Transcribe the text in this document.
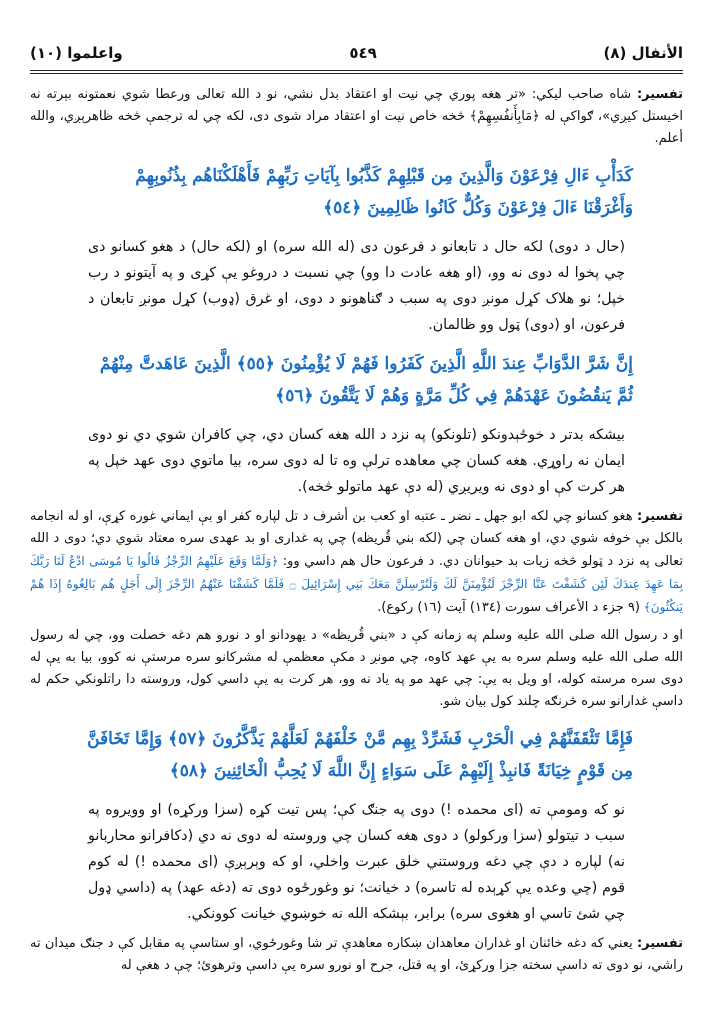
واعلموا (١٠)	٥٤٩	الأنفال (٨)

تفسیر: شاه صاحب لیکي: «تر هغه پوري چي نیت او اعتقاد بدل نشي، نو د الله تعالی ورعطا شوي نعمتونه بېرته نه اخیستل کیږي»، ګواکې له ﴿مَابِأَنفُسِهِمْ﴾ څخه خاص نیت او اعتقاد مراد شوی دی، لکه چي له ترجمې څخه ظاهرېږي، والله أعلم.

كَدَأْبِ ءَالِ فِرْعَوْنَ وَالَّذِينَ مِن قَبْلِهِمْ كَذَّبُوا بِآيَاتِ رَبِّهِمْ فَأَهْلَكْنَاهُم بِذُنُوبِهِمْ وَأَغْرَقْنَا ءَالَ فِرْعَوْنَ وَكُلٌّ كَانُوا ظَالِمِينَ ﴿٥٤﴾

(حال د دوی) لکه حال د تابعانو د فرعون دی (له الله سره) او (لکه حال) د هغو کسانو دی چي پخوا له دوی نه وو، (او هغه عادت دا وو) چي نسبت د دروغو یې کړی و په آیتونو د رب خپل؛ نو هلاک کړل مونږ دوی په سبب د ګناهونو د دوی، او غرق (ډوب) کړل مونږ تابعان د فرعون، او (دوی) ټول وو ظالمان.

إِنَّ شَرَّ الدَّوَابِّ عِندَ اللَّهِ الَّذِينَ كَفَرُوا فَهُمْ لَا يُؤْمِنُونَ ﴿٥٥﴾ الَّذِينَ عَاهَدتَّ مِنْهُمْ ثُمَّ يَنقُضُونَ عَهْدَهُمْ فِي كُلِّ مَرَّةٍ وَهُمْ لَا يَتَّقُونَ ﴿٥٦﴾

بیشکه بدتر د خوځېدونکو (تلونکو) په نزد د الله هغه کسان دي، چي کافران شوي دي نو دوی ایمان نه راوړي. هغه کسان چي معاهده ترلې وه تا له دوی سره، بیا ماتوي دوی عهد خپل په هر کرت کې او دوی نه ویریږي (له دې عهد ماتولو څخه).

تفسیر: هغو کسانو چي لکه ابو جهل ـ نضر ـ عتبه او کعب بن أشرف د تل لپاره کفر او بې ایماني غوره کړې، او له انجامه بالکل بې خوفه شوي دي، او هغه کسان چي (لکه بني قُریظه) چي په غداری او بد عهدی سره معتاد شوي دي؛ دوی د الله تعالی په نزد د ټولو څخه زیات بد حیوانان دي. د فرعون حال هم داسي وو: ﴿وَلَمَّا وَقَعَ عَلَيْهِمُ الرِّجْزُ قَالُوا يَا مُوسَى ادْعُ لَنَا رَبَّكَ بِمَا عَهِدَ عِندَكَ لَئِن كَشَفْتَ عَنَّا الرِّجْزَ لَنُؤْمِنَنَّ لَكَ وَلَنُرْسِلَنَّ مَعَكَ بَنِي إِسْرَائِيلَ ۝ فَلَمَّا كَشَفْنَا عَنْهُمُ الرِّجْزَ إِلَى أَجَلٍ هُم بَالِغُوهُ إِذَا هُمْ يَنكُثُونَ﴾ (٩ جزء د الأعراف سورت (١٣٤) آیت (١٦) رکوع).

او د رسول الله صلی الله علیه وسلم په زمانه کې د «بني قُریظه» د یهودانو او د نورو هم دغه خصلت وو، چي له رسول الله صلی الله علیه وسلم سره به یې عهد کاوه، چي مونږ د مکې معظمې له مشرکانو سره مرستې نه کوو، بیا به یې له دوی سره مرسته کوله، او ویل به یې: چي عهد مو په یاد نه وو، هر کرت به یې داسي کول، وروسته دا راتلونکي حکم له داسې غدارانو سره څرنګه چلند کول بیان شو.

فَإِمَّا تَثْقَفَنَّهُمْ فِي الْحَرْبِ فَشَرِّدْ بِهِم مَّنْ خَلْفَهُمْ لَعَلَّهُمْ يَذَّكَّرُونَ ﴿٥٧﴾ وَإِمَّا تَخَافَنَّ مِن قَوْمٍ خِيَانَةً فَانبِذْ إِلَيْهِمْ عَلَى سَوَاءٍ إِنَّ اللَّهَ لَا يُحِبُّ الْخَائِنِينَ ﴿٥٨﴾

نو که ومومې ته (ای محمده !) دوی په جنګ کې؛ پس تیت کړه (سزا ورکړه) او وویروه په سبب د تیتولو (سزا ورکولو) د دوی هغه کسان چي وروسته له دوی نه دي (دکافرانو محاربانو نه) لپاره د دې چي دغه وروستني خلق عبرت واخلي، او که وېرېږې (ای محمده !) له کوم قوم (چي وعده یې کړېده له تاسره) د خیانت؛ نو وغورځوه دوی ته (دغه عهد) په (داسي ډول چي شئ تاسي او هغوی سره) برابر، بېشکه الله نه خوښوي خیانت کوونکي.

تفسیر: یعني که دغه خائنان او غداران معاهدان ښکاره معاهدې تر شا وغورځوي، او ستاسې په مقابل کې د جنګ میدان ته راشي، نو دوی ته داسې سخته جزا ورکړئ، او په قتل، جرح او نورو سره یې داسې وترهوئ؛ چې د هغې له
